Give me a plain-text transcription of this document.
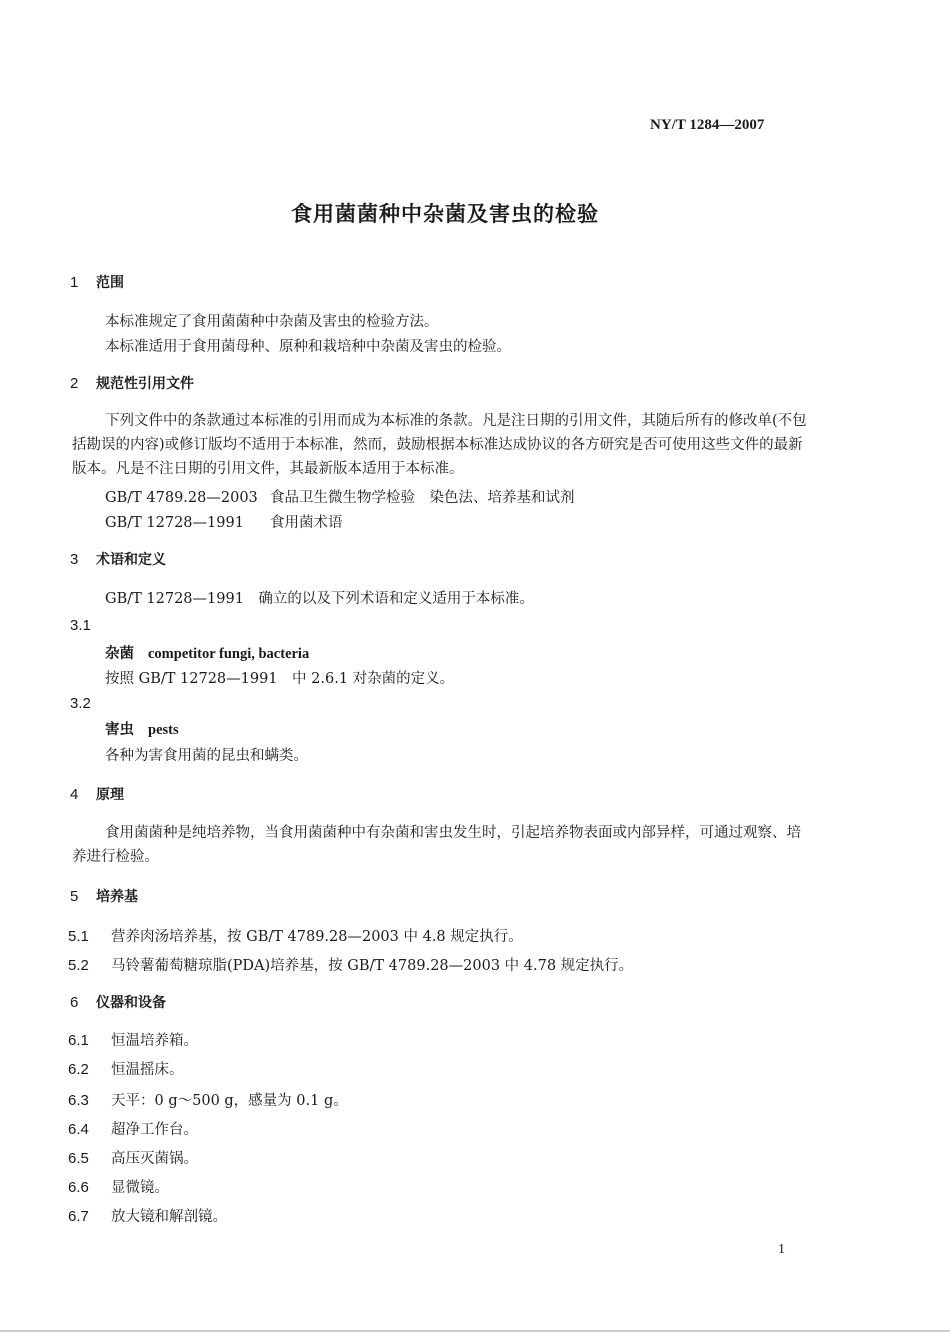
NY/T 1284—2007
食用菌菌种中杂菌及害虫的检验
1 范围
本标准规定了食用菌菌种中杂菌及害虫的检验方法。
本标准适用于食用菌母种、原种和栽培种中杂菌及害虫的检验。
2 规范性引用文件
下列文件中的条款通过本标准的引用而成为本标准的条款。凡是注日期的引用文件，其随后所有的修改单(不包括勘误的内容)或修订版均不适用于本标准，然而，鼓励根据本标准达成协议的各方研究是否可使用这些文件的最新版本。凡是不注日期的引用文件，其最新版本适用于本标准。
GB/T 4789.28—2003 食品卫生微生物学检验　染色法、培养基和试剂
GB/T 12728—1991 食用菌术语
3 术语和定义
GB/T 12728—1991　确立的以及下列术语和定义适用于本标准。
3.1
杂菌 competitor fungi, bacteria
按照 GB/T 12728—1991　中 2.6.1 对杂菌的定义。
3.2
害虫 pests
各种为害食用菌的昆虫和螨类。
4 原理
食用菌菌种是纯培养物，当食用菌菌种中有杂菌和害虫发生时，引起培养物表面或内部异样，可通过观察、培养进行检验。
5 培养基
5.1 营养肉汤培养基，按 GB/T 4789.28—2003 中 4.8 规定执行。
5.2 马铃薯葡萄糖琼脂(PDA)培养基，按 GB/T 4789.28—2003 中 4.78 规定执行。
6 仪器和设备
6.1 恒温培养箱。
6.2 恒温摇床。
6.3 天平：0 g～500 g，感量为 0.1 g。
6.4 超净工作台。
6.5 高压灭菌锅。
6.6 显微镜。
6.7 放大镜和解剖镜。
1
